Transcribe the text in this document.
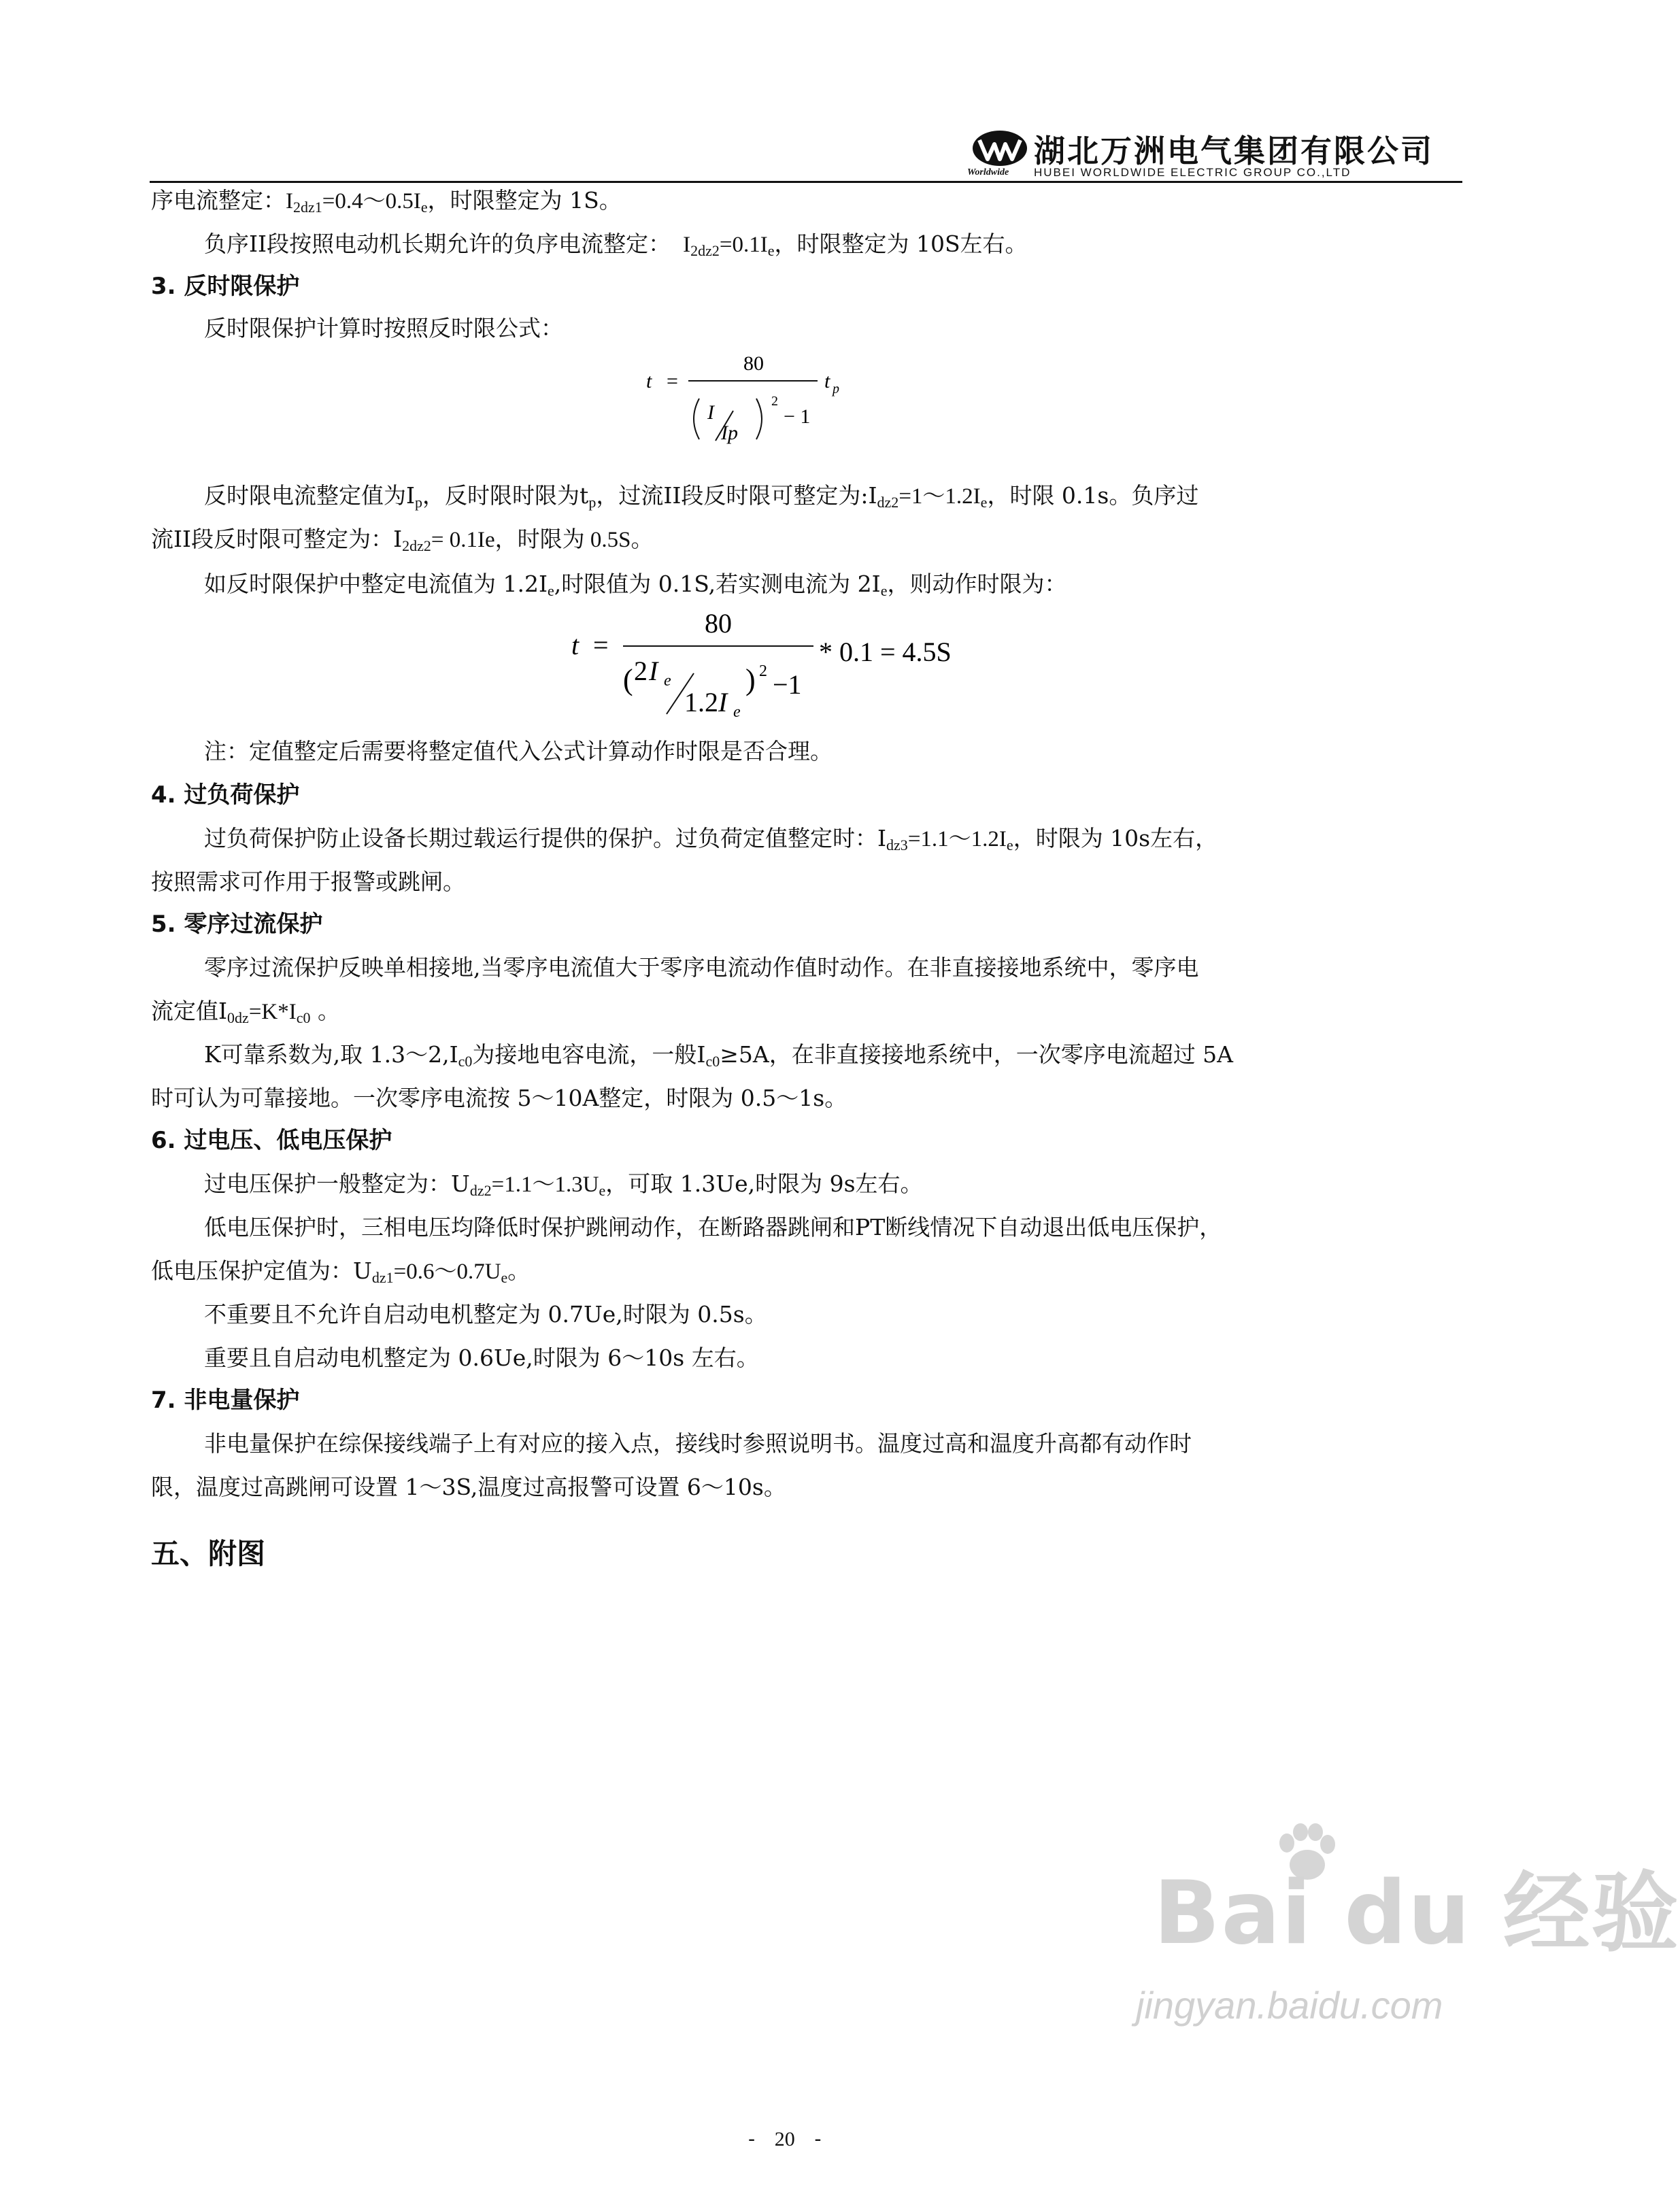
Worldwide
湖北万洲电气集团有限公司
HUBEI WORLDWIDE ELECTRIC GROUP CO.,LTD
序电流整定：$I_{2dz1}=0.4\sim 0.5I_e$，时限整定为 1S。
负序II段按照电动机长期允许的负序电流整定： $I_{2dz2}=0.1I_e$，时限整定为 10S左右。
3. 反时限保护
反时限保护计算时按照反时限公式：
t =
80
I
Ip
2
− 1
t p
反时限电流整定值为$I_p$，反时限时限为$t_p$，过流II段反时限可整定为$:I_{dz2}=1\sim 1.2I_e$，时限 0.1s。负序过
流II段反时限可整定为：$I_{2dz2}= 0.1Ie$，时限为 0.5S。
如反时限保护中整定电流值为 $1.2I_e$,时限值为 0.1S,若实测电流为 $2I_e$，则动作时限为：
t =
80
( 2 I e
1.2 I e
) 2 −1
* 0.1 = 4.5S
注：定值整定后需要将整定值代入公式计算动作时限是否合理。
4. 过负荷保护
过负荷保护防止设备长期过载运行提供的保护。过负荷定值整定时：$I_{dz3}=1.1\sim 1.2I_e$，时限为 10s左右，
按照需求可作用于报警或跳闸。
5. 零序过流保护
零序过流保护反映单相接地,当零序电流值大于零序电流动作值时动作。在非直接接地系统中，零序电
流定值$I_{0dz}=K*I_{c0}$ 。
K可靠系数为,取 $1.3\sim 2,I_{c0}$为接地电容电流，一般$I_{c0}\ge 5A$，在非直接接地系统中，一次零序电流超过 5A
时可认为可靠接地。一次零序电流按 5～10A整定，时限为 0.5～1s。
6. 过电压、低电压保护
过电压保护一般整定为：$U_{dz2}=1.1\sim 1.3U_e$，可取 1.3Ue,时限为 9s左右。
低电压保护时，三相电压均降低时保护跳闸动作，在断路器跳闸和PT断线情况下自动退出低电压保护，
低电压保护定值为：$U_{dz1}=0.6\sim 0.7U_e$。
不重要且不允许自启动电机整定为 0.7Ue,时限为 0.5s。
重要且自启动电机整定为 0.6Ue,时限为 6～10s 左右。
7. 非电量保护
非电量保护在综保接线端子上有对应的接入点，接线时参照说明书。温度过高和温度升高都有动作时
限，温度过高跳闸可设置 1～3S,温度过高报警可设置 6～10s。
五、附图
Bai du 经验
jingyan.baidu.com
-   20   -
